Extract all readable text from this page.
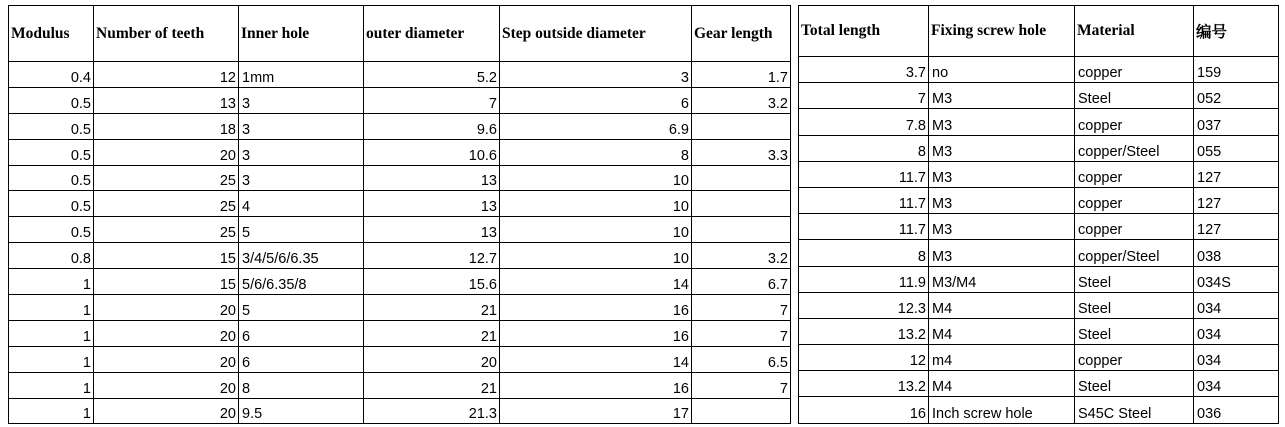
Modulus	Number of teeth	Inner hole	outer diameter	Step outside diameter	Gear length
0.4	12	1mm	5.2	3	1.7
0.5	13	3	7	6	3.2
0.5	18	3	9.6	6.9	
0.5	20	3	10.6	8	3.3
0.5	25	3	13	10	
0.5	25	4	13	10	
0.5	25	5	13	10	
0.8	15	3/4/5/6/6.35	12.7	10	3.2
1	15	5/6/6.35/8	15.6	14	6.7
1	20	5	21	16	7
1	20	6	21	16	7
1	20	6	20	14	6.5
1	20	8	21	16	7
1	20	9.5	21.3	17	
Total length	Fixing screw hole	Material	编号
3.7	no	copper	159
7	M3	Steel	052
7.8	M3	copper	037
8	M3	copper/Steel	055
11.7	M3	copper	127
11.7	M3	copper	127
11.7	M3	copper	127
8	M3	copper/Steel	038
11.9	M3/M4	Steel	034S
12.3	M4	Steel	034
13.2	M4	Steel	034
12	m4	copper	034
13.2	M4	Steel	034
16	Inch screw hole	S45C Steel	036
